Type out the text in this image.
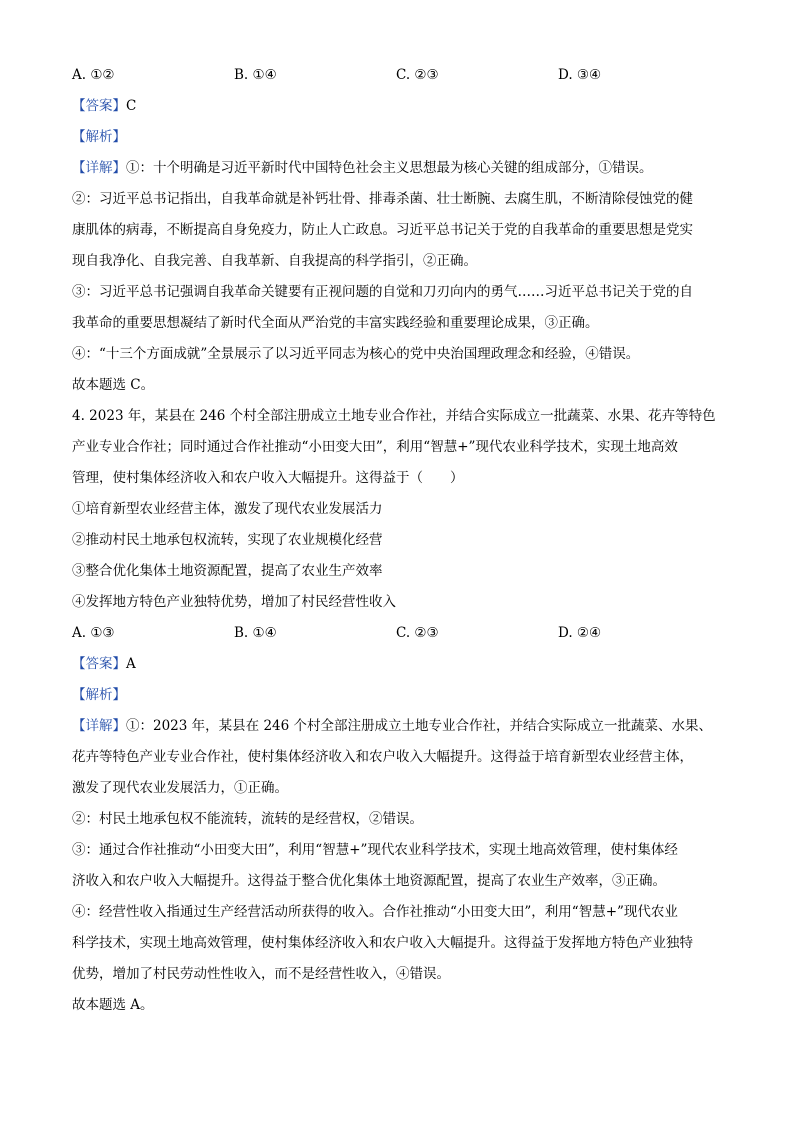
A. ①②	B. ①④	C. ②③	D. ③④
【答案】C
【解析】
【详解】①：十个明确是习近平新时代中国特色社会主义思想最为核心关键的组成部分，①错误。
②：习近平总书记指出，自我革命就是补钙壮骨、排毒杀菌、壮士断腕、去腐生肌，不断清除侵蚀党的健
康肌体的病毒，不断提高自身免疫力，防止人亡政息。习近平总书记关于党的自我革命的重要思想是党实
现自我净化、自我完善、自我革新、自我提高的科学指引，②正确。
③：习近平总书记强调自我革命关键要有正视问题的自觉和刀刃向内的勇气……习近平总书记关于党的自
我革命的重要思想凝结了新时代全面从严治党的丰富实践经验和重要理论成果，③正确。
④：“十三个方面成就”全景展示了以习近平同志为核心的党中央治国理政理念和经验，④错误。
故本题选 C。
4. 2023 年，某县在 246 个村全部注册成立土地专业合作社，并结合实际成立一批蔬菜、水果、花卉等特色
产业专业合作社；同时通过合作社推动“小田变大田”，利用“智慧+”现代农业科学技术，实现土地高效
管理，使村集体经济收入和农户收入大幅提升。这得益于（　　）
①培育新型农业经营主体，激发了现代农业发展活力
②推动村民土地承包权流转，实现了农业规模化经营
③整合优化集体土地资源配置，提高了农业生产效率
④发挥地方特色产业独特优势，增加了村民经营性收入
A. ①③	B. ①④	C. ②③	D. ②④
【答案】A
【解析】
【详解】①：2023 年，某县在 246 个村全部注册成立土地专业合作社，并结合实际成立一批蔬菜、水果、
花卉等特色产业专业合作社，使村集体经济收入和农户收入大幅提升。这得益于培育新型农业经营主体，
激发了现代农业发展活力，①正确。
②：村民土地承包权不能流转，流转的是经营权，②错误。
③：通过合作社推动“小田变大田”，利用“智慧+”现代农业科学技术，实现土地高效管理，使村集体经
济收入和农户收入大幅提升。这得益于整合优化集体土地资源配置，提高了农业生产效率，③正确。
④：经营性收入指通过生产经营活动所获得的收入。合作社推动“小田变大田”，利用“智慧+”现代农业
科学技术，实现土地高效管理，使村集体经济收入和农户收入大幅提升。这得益于发挥地方特色产业独特
优势，增加了村民劳动性性收入，而不是经营性收入，④错误。
故本题选 A。
